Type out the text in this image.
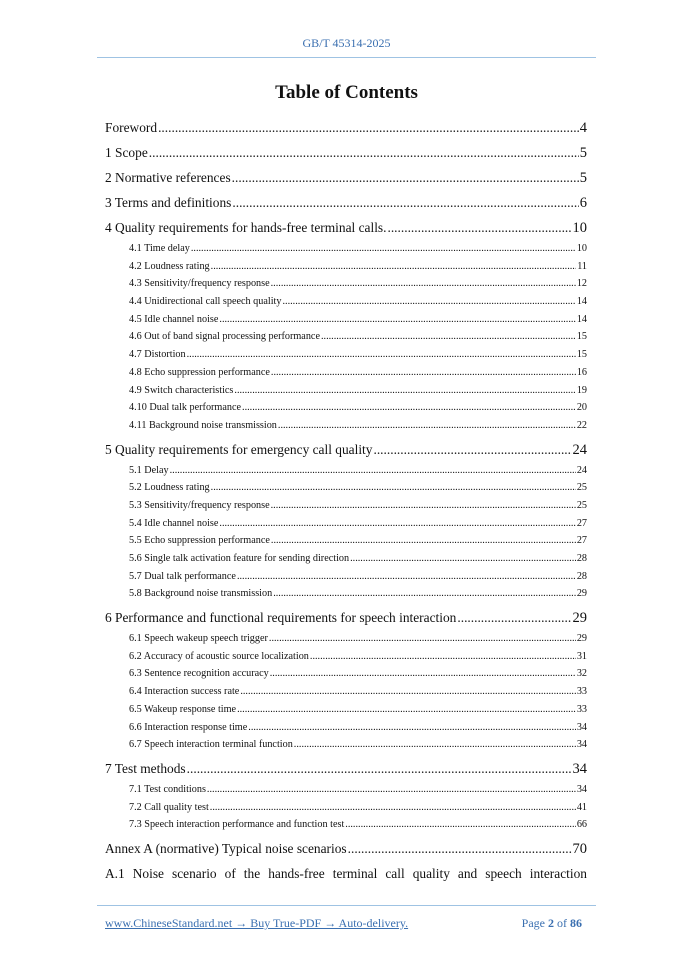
GB/T 45314-2025
Table of Contents
Foreword .....	4
1 Scope .....	5
2 Normative references .....	5
3 Terms and definitions .....	6
4 Quality requirements for hands-free terminal calls. .....	10
4.1 Time delay .....	10
4.2 Loudness rating .....	11
4.3 Sensitivity/frequency response .....	12
4.4 Unidirectional call speech quality .....	14
4.5 Idle channel noise .....	14
4.6 Out of band signal processing performance .....	15
4.7 Distortion .....	15
4.8 Echo suppression performance .....	16
4.9 Switch characteristics .....	19
4.10 Dual talk performance .....	20
4.11 Background noise transmission .....	22
5 Quality requirements for emergency call quality .....	24
5.1 Delay .....	24
5.2 Loudness rating .....	25
5.3 Sensitivity/frequency response .....	25
5.4 Idle channel noise .....	27
5.5 Echo suppression performance .....	27
5.6 Single talk activation feature for sending direction .....	28
5.7 Dual talk performance .....	28
5.8 Background noise transmission .....	29
6 Performance and functional requirements for speech interaction .....	29
6.1 Speech wakeup speech trigger .....	29
6.2 Accuracy of acoustic source localization .....	31
6.3 Sentence recognition accuracy .....	32
6.4 Interaction success rate .....	33
6.5 Wakeup response time .....	33
6.6 Interaction response time .....	34
6.7 Speech interaction terminal function .....	34
7 Test methods .....	34
7.1 Test conditions .....	34
7.2 Call quality test .....	41
7.3 Speech interaction performance and function test .....	66
Annex A (normative) Typical noise scenarios .....	70
A.1 Noise scenario of the hands-free terminal call quality and speech interaction
www.ChineseStandard.net → Buy True-PDF → Auto-delivery.	Page 2 of 86
